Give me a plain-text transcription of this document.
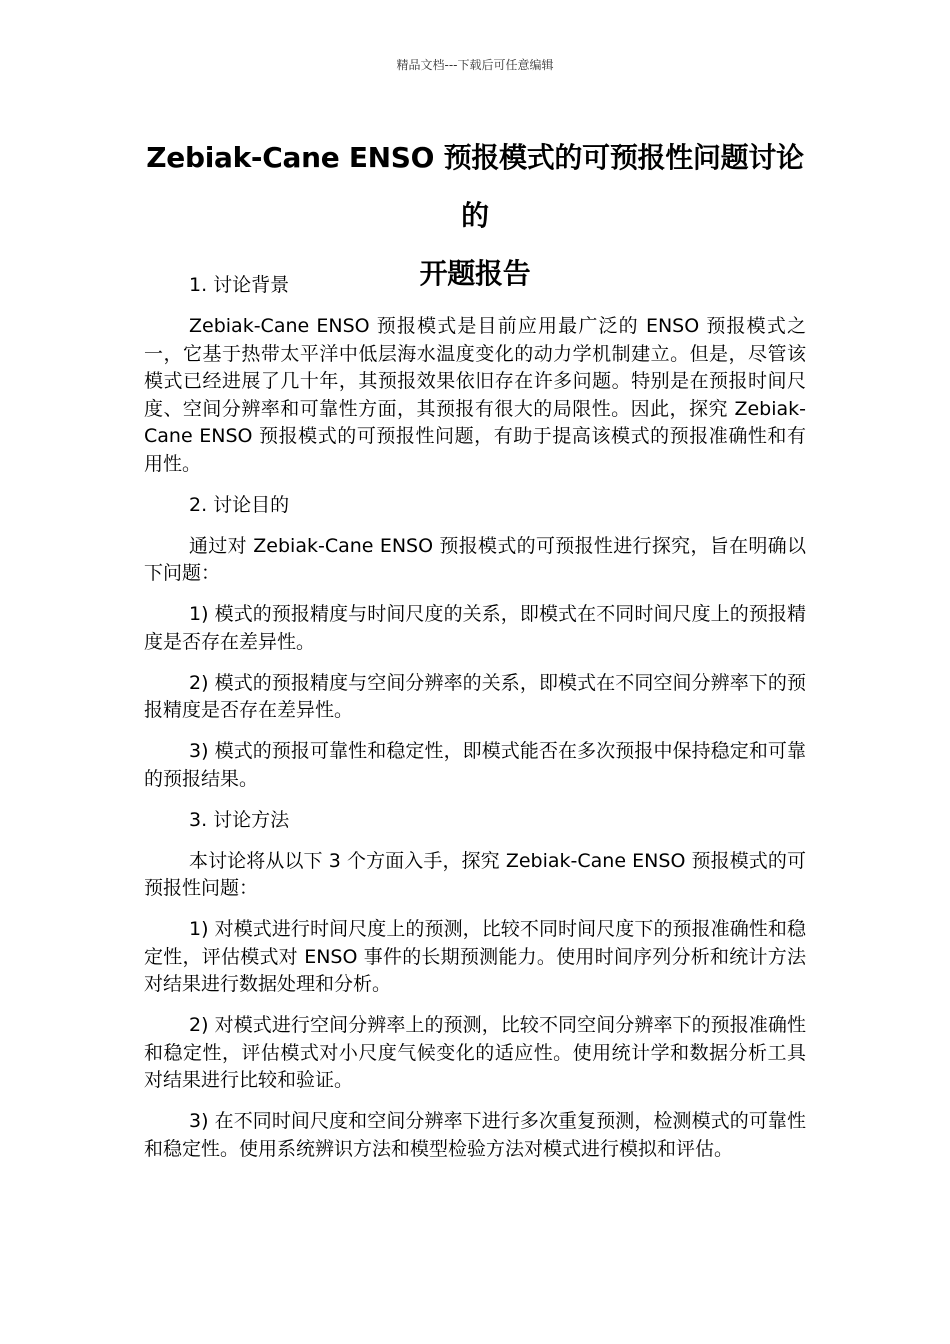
精品文档---下载后可任意编辑
Zebiak-Cane ENSO 预报模式的可预报性问题讨论的
开题报告

1. 讨论背景

Zebiak-Cane ENSO 预报模式是目前应用最广泛的 ENSO 预报模式之一，它基于热带太平洋中低层海水温度变化的动力学机制建立。但是，尽管该模式已经进展了几十年，其预报效果依旧存在许多问题。特别是在预报时间尺度、空间分辨率和可靠性方面，其预报有很大的局限性。因此，探究 Zebiak-Cane ENSO 预报模式的可预报性问题，有助于提高该模式的预报准确性和有用性。

2. 讨论目的

通过对 Zebiak-Cane ENSO 预报模式的可预报性进行探究，旨在明确以下问题：

1) 模式的预报精度与时间尺度的关系，即模式在不同时间尺度上的预报精度是否存在差异性。

2) 模式的预报精度与空间分辨率的关系，即模式在不同空间分辨率下的预报精度是否存在差异性。

3) 模式的预报可靠性和稳定性，即模式能否在多次预报中保持稳定和可靠的预报结果。

3. 讨论方法

本讨论将从以下 3 个方面入手，探究 Zebiak-Cane ENSO 预报模式的可预报性问题：

1) 对模式进行时间尺度上的预测，比较不同时间尺度下的预报准确性和稳定性，评估模式对 ENSO 事件的长期预测能力。使用时间序列分析和统计方法对结果进行数据处理和分析。

2) 对模式进行空间分辨率上的预测，比较不同空间分辨率下的预报准确性和稳定性，评估模式对小尺度气候变化的适应性。使用统计学和数据分析工具对结果进行比较和验证。

3) 在不同时间尺度和空间分辨率下进行多次重复预测，检测模式的可靠性和稳定性。使用系统辨识方法和模型检验方法对模式进行模拟和评估。
